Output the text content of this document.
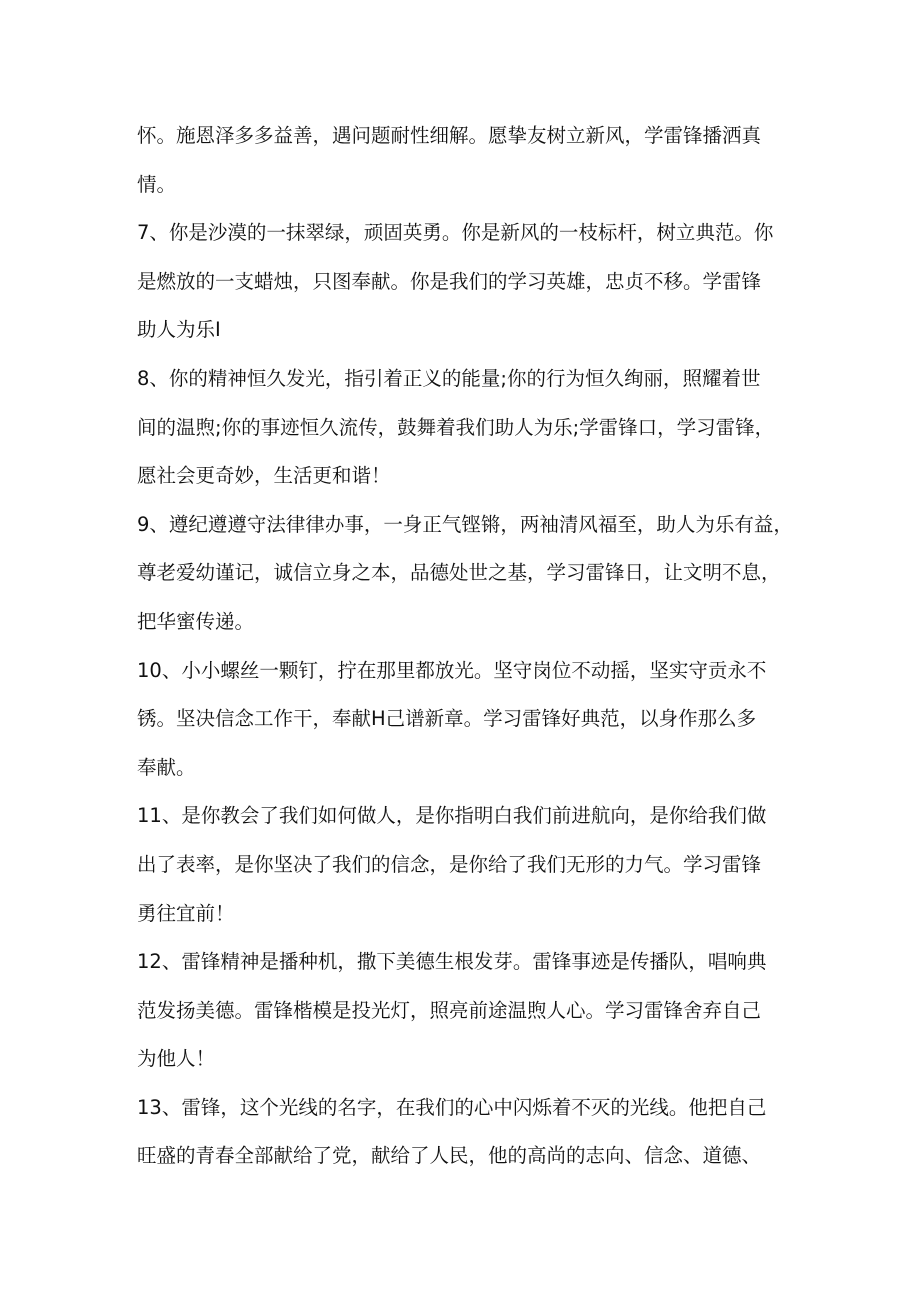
怀。施恩泽多多益善，遇问题耐性细解。愿挚友树立新风，学雷锋播洒真
情。

7、你是沙漠的一抹翠绿，顽固英勇。你是新风的一枝标杆，树立典范。你
是燃放的一支蜡烛，只图奉献。你是我们的学习英雄，忠贞不移。学雷锋
助人为乐I

8、你的精神恒久发光，指引着正义的能量;你的行为恒久绚丽，照耀着世
间的温煦;你的事迹恒久流传，鼓舞着我们助人为乐;学雷锋口，学习雷锋，
愿社会更奇妙，生活更和谐！

9、遵纪遵遵守法律律办事，一身正气铿锵，两袖清风福至，助人为乐有益，
尊老爱幼谨记，诚信立身之本，品德处世之基，学习雷锋日，让文明不息，
把华蜜传递。

10、小小螺丝一颗钉，拧在那里都放光。坚守岗位不动摇，坚实守贡永不
锈。坚决信念工作干，奉献H己谱新章。学习雷锋好典范，以身作那么多
奉献。

11、是你教会了我们如何做人，是你指明白我们前进航向，是你给我们做
出了表率，是你坚决了我们的信念，是你给了我们无形的力气。学习雷锋
勇往宜前！

12、雷锋精神是播种机，撒下美德生根发芽。雷锋事迹是传播队，唱响典
范发扬美德。雷锋楷模是投光灯，照亮前途温煦人心。学习雷锋舍弃自己
为他人！

13、雷锋，这个光线的名字，在我们的心中闪烁着不灭的光线。他把自己
旺盛的青春全部献给了党，献给了人民，他的高尚的志向、信念、道德、
